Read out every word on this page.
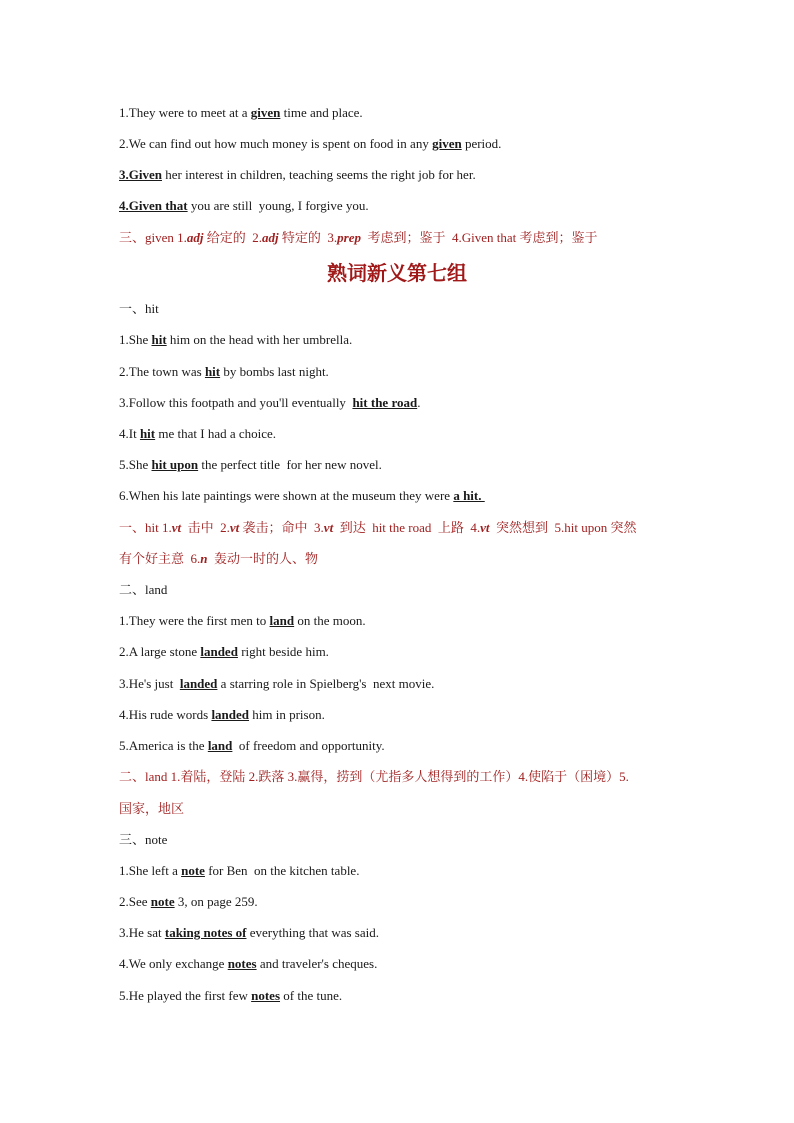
1.They were to meet at a given time and place.
2.We can find out how much money is spent on food in any given period.
3.Given her interest in children, teaching seems the right job for her.
4.Given that you are still  young, I forgive you.
三、given 1.adj 给定的  2.adj 特定的  3.prep  考虑到；鉴于  4.Given that 考虑到；鉴于
一、hit
1.She hit him on the head with her umbrella.
2.The town was hit by bombs last night.
3.Follow this footpath and you'll eventually  hit the road.
4.It hit me that I had a choice.
5.She hit upon the perfect title  for her new novel.
6.When his late paintings were shown at the museum they were a hit.
一、hit 1.vt  击中  2.vt 袭击；命中  3.vt  到达  hit the road  上路  4.vt  突然想到  5.hit upon 突然
有个好主意  6.n  轰动一时的人、物
二、land
1.They were the first men to land on the moon.
2.A large stone landed right beside him.
3.He's just  landed a starring role in Spielberg's  next movie.
4.His rude words landed him in prison.
5.America is the land  of freedom and opportunity.
二、land 1.着陆，登陆 2.跌落 3.赢得，捞到（尤指多人想得到的工作）4.使陷于（困境）5.
国家，地区
三、note
1.She left a note for Ben  on the kitchen table.
2.See note 3, on page 259.
3.He sat taking notes of everything that was said.
4.We only exchange notes and traveler's cheques.
5.He played the first few notes of the tune.
熟词新义第七组
